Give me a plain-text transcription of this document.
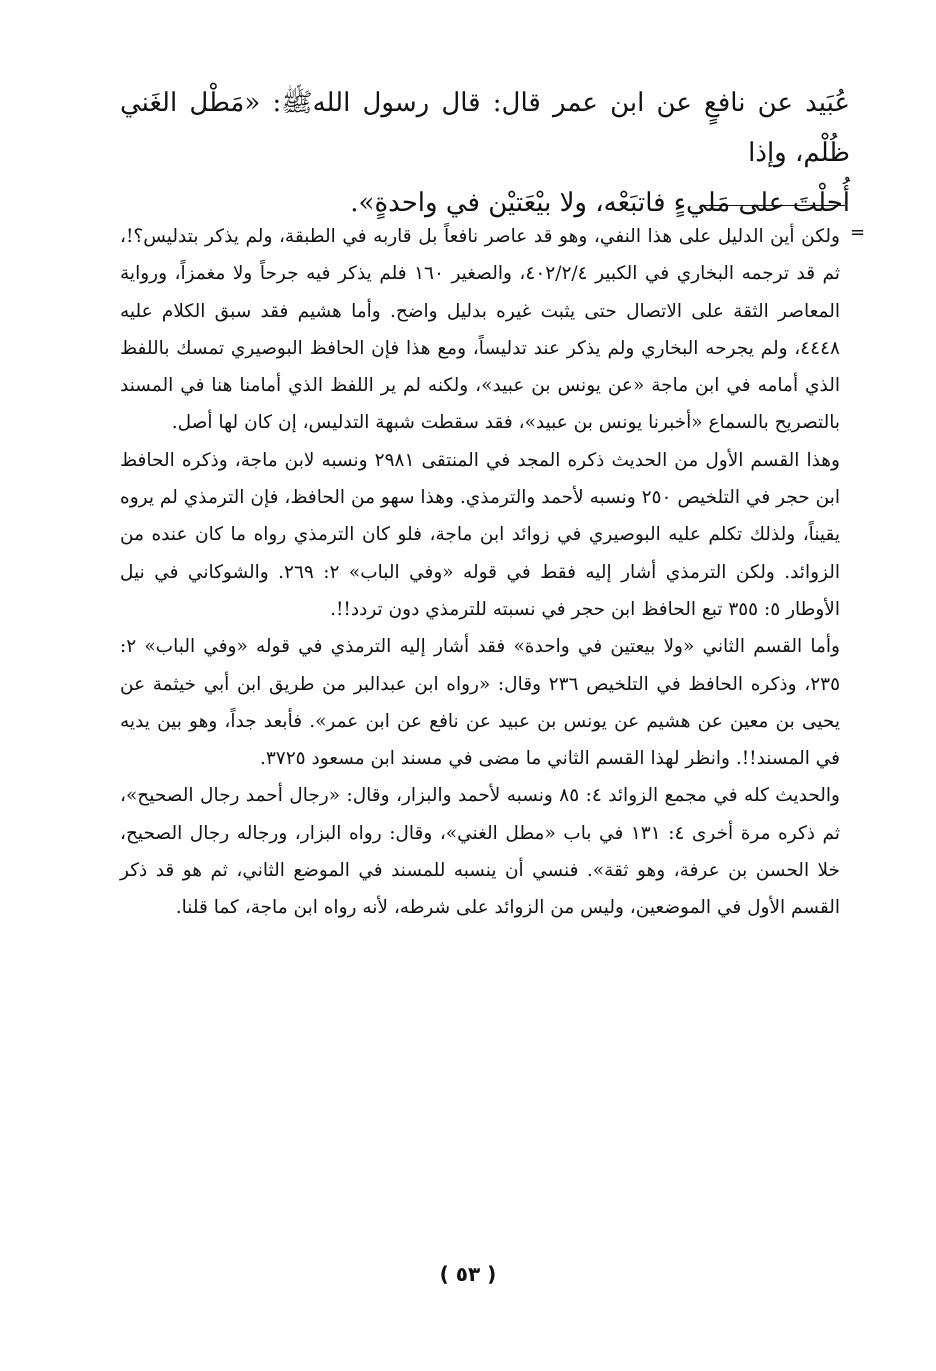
عُبَيد عن نافعٍ عن ابن عمر قال: قال رسول اللهﷺ: «مَطْل الغَني ظُلْم، وإذا

أُحلْتَ على مَليءٍ فاتبَعْه، ولا بيْعَتيْن في واحدةٍ».

=

ولكن أين الدليل على هذا النفي، وهو قد عاصر نافعاً بل قاربه في الطبقة، ولم يذكر بتدليس؟!، ثم قد ترجمه البخاري في الكبير ٤٠٢/٢/٤، والصغير ١٦٠ فلم يذكر فيه جرحاً ولا مغمزاً، ورواية المعاصر الثقة على الاتصال حتى يثبت غيره بدليل واضح. وأما هشيم فقد سبق الكلام عليه ٤٤٤٨، ولم يجرحه البخاري ولم يذكر عند تدليساً، ومع هذا فإن الحافظ البوصيري تمسك باللفظ الذي أمامه في ابن ماجة «عن يونس بن عبيد»، ولكنه لم ير اللفظ الذي أمامنا هنا في المسند بالتصريح بالسماع «أخبرنا يونس بن عبيد»، فقد سقطت شبهة التدليس، إن كان لها أصل.

وهذا القسم الأول من الحديث ذكره المجد في المنتقى ٢٩٨١ ونسبه لابن ماجة، وذكره الحافظ ابن حجر في التلخيص ٢٥٠ ونسبه لأحمد والترمذي. وهذا سهو من الحافظ، فإن الترمذي لم يروه يقيناً، ولذلك تكلم عليه البوصيري في زوائد ابن ماجة، فلو كان الترمذي رواه ما كان عنده من الزوائد. ولكن الترمذي أشار إليه فقط في قوله «وفي الباب» ٢: ٢٦٩. والشوكاني في نيل الأوطار ٥: ٣٥٥ تبع الحافظ ابن حجر في نسبته للترمذي دون تردد!!.

وأما القسم الثاني «ولا بيعتين في واحدة» فقد أشار إليه الترمذي في قوله «وفي الباب» ٢: ٢٣٥، وذكره الحافظ في التلخيص ٢٣٦ وقال: «رواه ابن عبدالبر من طريق ابن أبي خيثمة عن يحيى بن معين عن هشيم عن يونس بن عبيد عن نافع عن ابن عمر». فأبعد جداً، وهو بين يديه في المسند!!. وانظر لهذا القسم الثاني ما مضى في مسند ابن مسعود ٣٧٢٥.

والحديث كله في مجمع الزوائد ٤: ٨٥ ونسبه لأحمد والبزار، وقال: «رجال أحمد رجال الصحيح»، ثم ذكره مرة أخرى ٤: ١٣١ في باب «مطل الغني»، وقال: رواه البزار، ورجاله رجال الصحيح، خلا الحسن بن عرفة، وهو ثقة». فنسي أن ينسبه للمسند في الموضع الثاني، ثم هو قد ذكر القسم الأول في الموضعين، وليس من الزوائد على شرطه، لأنه رواه ابن ماجة، كما قلنا.

( ٥٣ )
